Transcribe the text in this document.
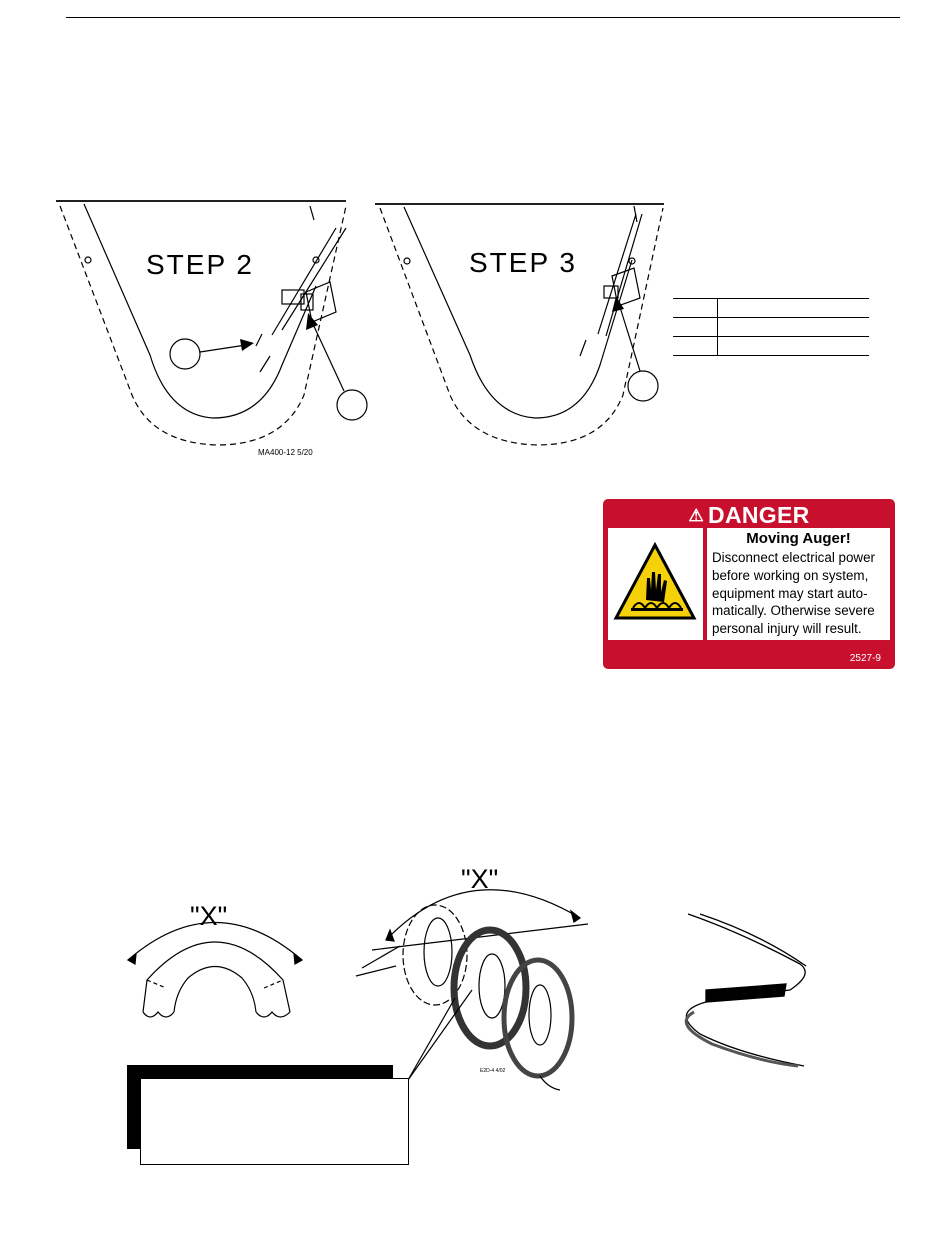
STEP 2
MA400-12 5/20
STEP 3

⚠ DANGER
Moving Auger!
Disconnect electrical power
before working on system,
equipment may start auto-
matically. Otherwise severe
personal injury will result.
2527-9
"X"
"X"
E2D-4 4/02
